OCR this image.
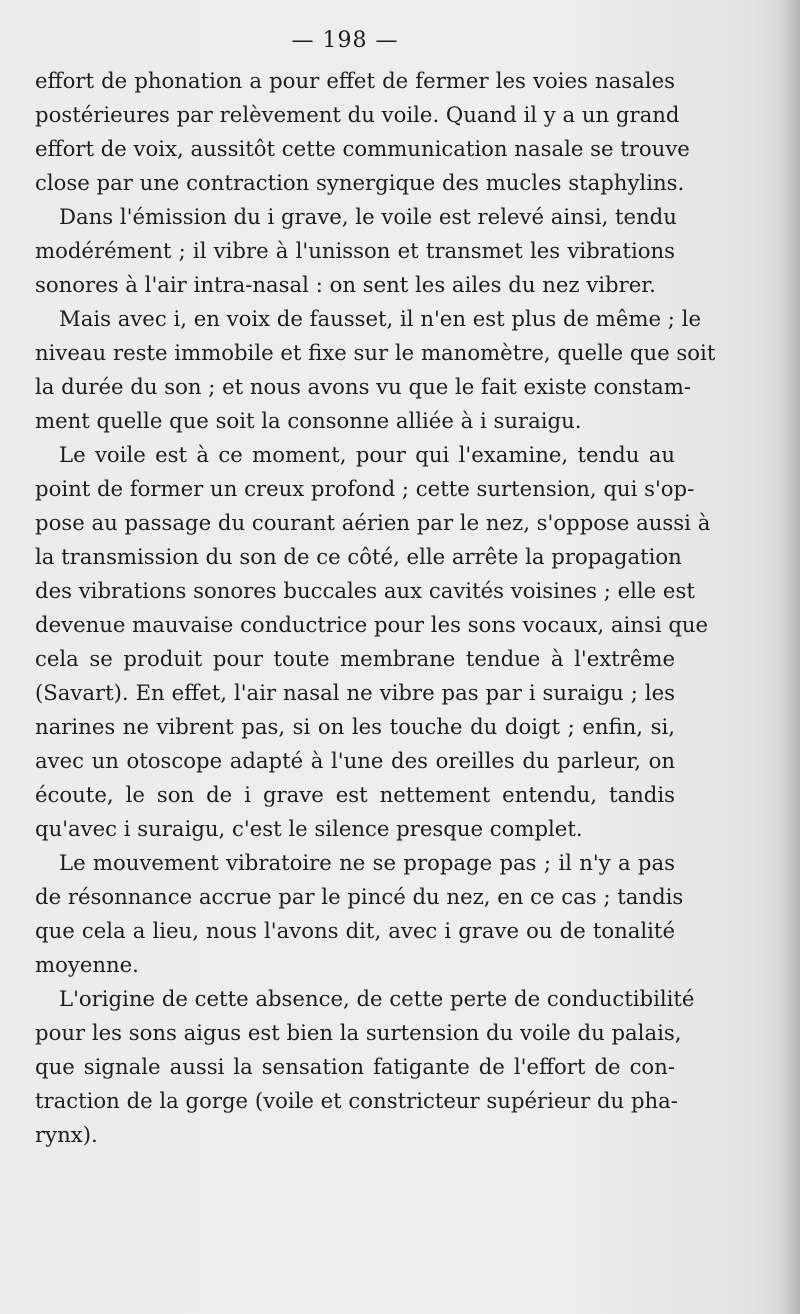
— 198 —
effort de phonation a pour effet de fermer les voies nasales
postérieures par relèvement du voile. Quand il y a un grand
effort de voix, aussitôt cette communication nasale se trouve
close par une contraction synergique des mucles staphylins.
Dans l'émission du i grave, le voile est relevé ainsi, tendu
modérément ; il vibre à l'unisson et transmet les vibrations
sonores à l'air intra-nasal : on sent les ailes du nez vibrer.
Mais avec i, en voix de fausset, il n'en est plus de même ; le
niveau reste immobile et fixe sur le manomètre, quelle que soit
la durée du son ; et nous avons vu que le fait existe constam-
ment quelle que soit la consonne alliée à i suraigu.
Le voile est à ce moment, pour qui l'examine, tendu au
point de former un creux profond ; cette surtension, qui s'op-
pose au passage du courant aérien par le nez, s'oppose aussi à
la transmission du son de ce côté, elle arrête la propagation
des vibrations sonores buccales aux cavités voisines ; elle est
devenue mauvaise conductrice pour les sons vocaux, ainsi que
cela se produit pour toute membrane tendue à l'extrême
(Savart). En effet, l'air nasal ne vibre pas par i suraigu ; les
narines ne vibrent pas, si on les touche du doigt ; enfin, si,
avec un otoscope adapté à l'une des oreilles du parleur, on
écoute, le son de i grave est nettement entendu, tandis
qu'avec i suraigu, c'est le silence presque complet.
Le mouvement vibratoire ne se propage pas ; il n'y a pas
de résonnance accrue par le pincé du nez, en ce cas ; tandis
que cela a lieu, nous l'avons dit, avec i grave ou de tonalité
moyenne.
L'origine de cette absence, de cette perte de conductibilité
pour les sons aigus est bien la surtension du voile du palais,
que signale aussi la sensation fatigante de l'effort de con-
traction de la gorge (voile et constricteur supérieur du pha-
rynx).
